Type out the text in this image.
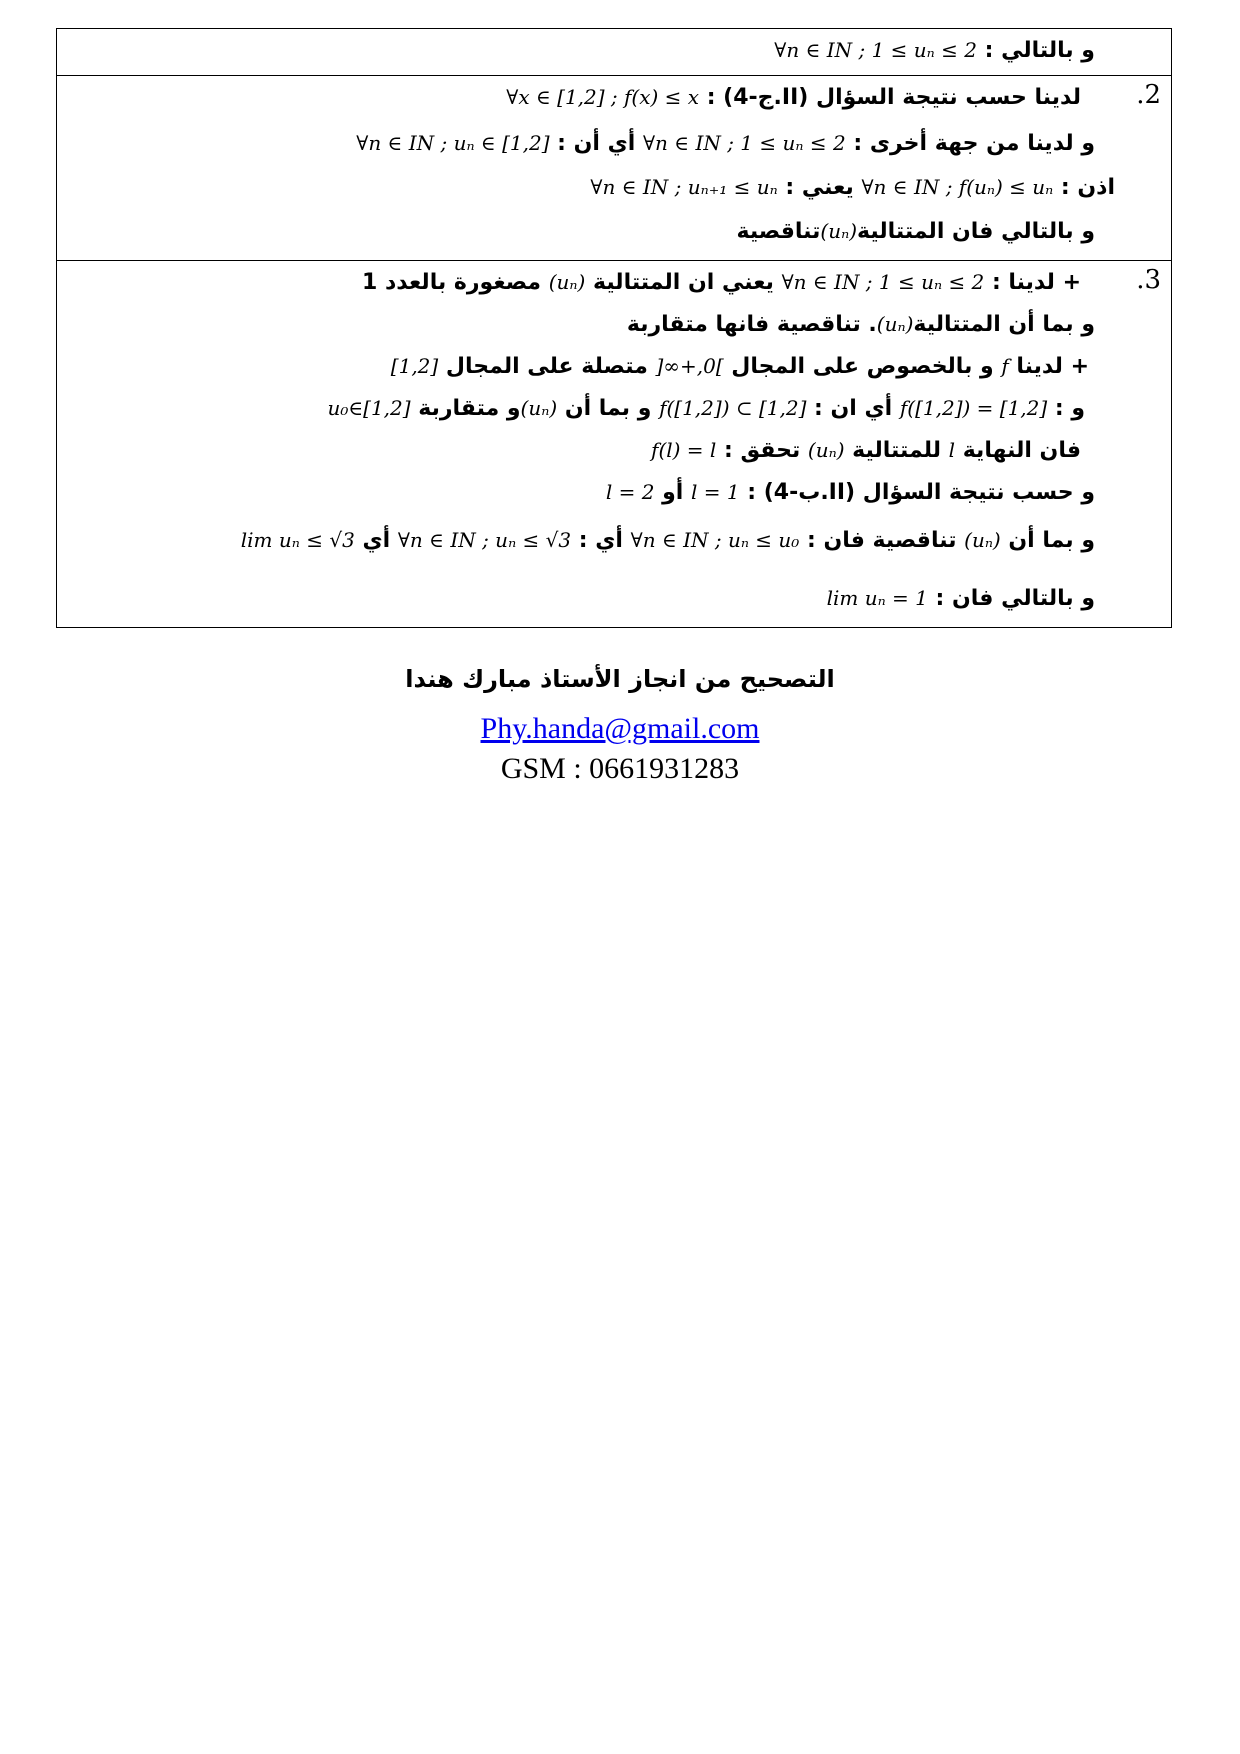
∀n ∈ IN ; 1 ≤ uₙ ≤ 2 : و بالتالي
.2
∀x ∈ [1,2] ; f(x) ≤ x : (ج-4.II) لدينا حسب نتيجة السؤال
∀n ∈ IN ; uₙ ∈ [1,2] : أي أن ∀n ∈ IN ; 1 ≤ uₙ ≤ 2 : و لدينا من جهة أخرى
∀n ∈ IN ; uₙ₊₁ ≤ uₙ : يعني ∀n ∈ IN ; f(uₙ) ≤ uₙ : اذن
تناقصية(uₙ)و بالتالي فان المتتالية
.3
مصغورة بالعدد 1 (uₙ) يعني ان المتتالية ∀n ∈ IN ; 1 ≤ uₙ ≤ 2 : لدينا +
تناقصية فانها متقاربة .(uₙ)و بما أن المتتالية
[1,2] و بالخصوص على المجال ]0,+∞[ متصلة على المجال f لدينا +
u₀∈[1,2] و متقاربة (uₙ) و بما أن f([1,2]) ⊂ [1,2] : أي ان f([1,2]) = [1,2] : و
f(l) = l : تحقق (uₙ) للمتتالية l فان النهاية
l = 2 أو l = 1 : (ب-4.II) و حسب نتيجة السؤال
lim uₙ ≤ √3 أي ∀n ∈ IN ; uₙ ≤ √3 : أي ∀n ∈ IN ; uₙ ≤ u₀ : تناقصية فان (uₙ) و بما أن
lim uₙ = 1 : و بالتالي فان
التصحيح من انجاز الأستاذ مبارك هندا
Phy.handa@gmail.com
GSM : 0661931283
